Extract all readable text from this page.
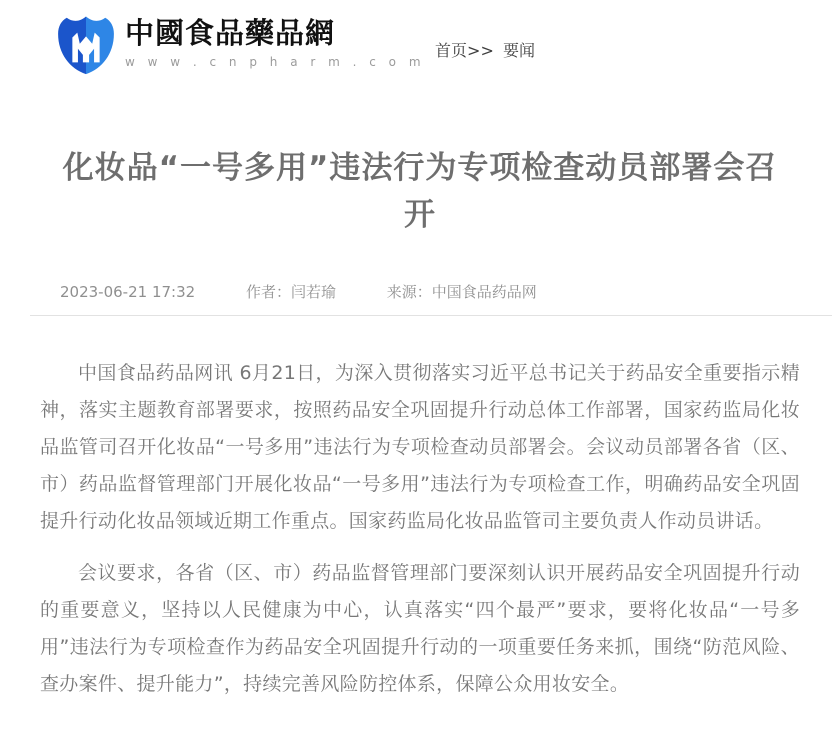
中國食品藥品網
w w w . c n p h a r m . c o m
首页>> 要闻
化妆品“一号多用”违法行为专项检查动员部署会召开
2023-06-21 17:32	作者：闫若瑜	来源：中国食品药品网

中国食品药品网讯 6月21日，为深入贯彻落实习近平总书记关于药品安全重要指示精神，落实主题教育部署要求，按照药品安全巩固提升行动总体工作部署，国家药监局化妆品监管司召开化妆品“一号多用”违法行为专项检查动员部署会。会议动员部署各省（区、市）药品监督管理部门开展化妆品“一号多用”违法行为专项检查工作，明确药品安全巩固提升行动化妆品领域近期工作重点。国家药监局化妆品监管司主要负责人作动员讲话。

会议要求，各省（区、市）药品监督管理部门要深刻认识开展药品安全巩固提升行动的重要意义，坚持以人民健康为中心，认真落实“四个最严”要求，要将化妆品“一号多用”违法行为专项检查作为药品安全巩固提升行动的一项重要任务来抓，围绕“防范风险、查办案件、提升能力”，持续完善风险防控体系，保障公众用妆安全。
